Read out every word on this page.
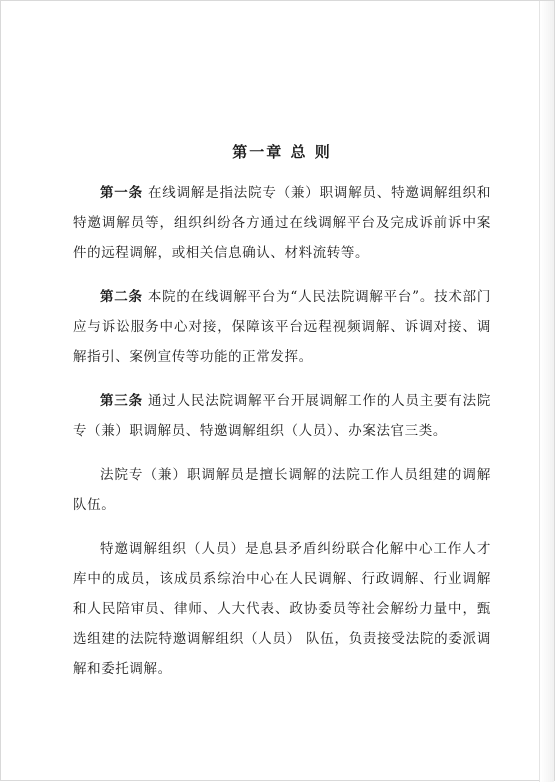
第一章 总 则

第一条 在线调解是指法院专（兼）职调解员、特邀调解组织和特邀调解员等，组织纠纷各方通过在线调解平台及完成诉前诉中案件的远程调解，或相关信息确认、材料流转等。

第二条 本院的在线调解平台为“人民法院调解平台”。技术部门应与诉讼服务中心对接，保障该平台远程视频调解、诉调对接、调解指引、案例宣传等功能的正常发挥。

第三条 通过人民法院调解平台开展调解工作的人员主要有法院专（兼）职调解员、特邀调解组织（人员）、办案法官三类。

法院专（兼）职调解员是擅长调解的法院工作人员组建的调解队伍。

特邀调解组织（人员）是息县矛盾纠纷联合化解中心工作人才库中的成员，该成员系综治中心在人民调解、行政调解、行业调解和人民陪审员、律师、人大代表、政协委员等社会解纷力量中，甄选组建的法院特邀调解组织（人员） 队伍，负责接受法院的委派调解和委托调解。
